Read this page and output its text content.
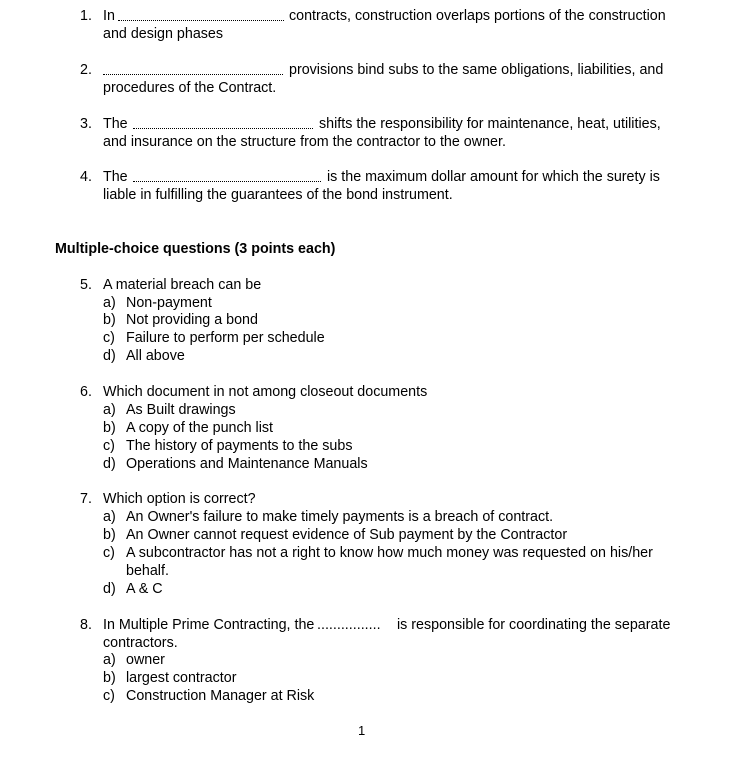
1. In	contracts, construction overlaps portions of the construction
and design phases
2.	provisions bind subs to the same obligations, liabilities, and
procedures of the Contract.
3. The	shifts the responsibility for maintenance, heat, utilities,
and insurance on the structure from the contractor to the owner.
4. The	is the maximum dollar amount for which the surety is
liable in fulfilling the guarantees of the bond instrument.
Multiple-choice questions (3 points each)
5. A material breach can be
a) Non-payment
b) Not providing a bond
c) Failure to perform per schedule
d) All above
6. Which document in not among closeout documents
a) As Built drawings
b) A copy of the punch list
c) The history of payments to the subs
d) Operations and Maintenance Manuals
7. Which option is correct?
a) An Owner's failure to make timely payments is a breach of contract.
b) An Owner cannot request evidence of Sub payment by the Contractor
c) A subcontractor has not a right to know how much money was requested on his/her
behalf.
d) A & C
8. In Multiple Prime Contracting, the ................ is responsible for coordinating the separate
contractors.
a) owner
b) largest contractor
c) Construction Manager at Risk
1
